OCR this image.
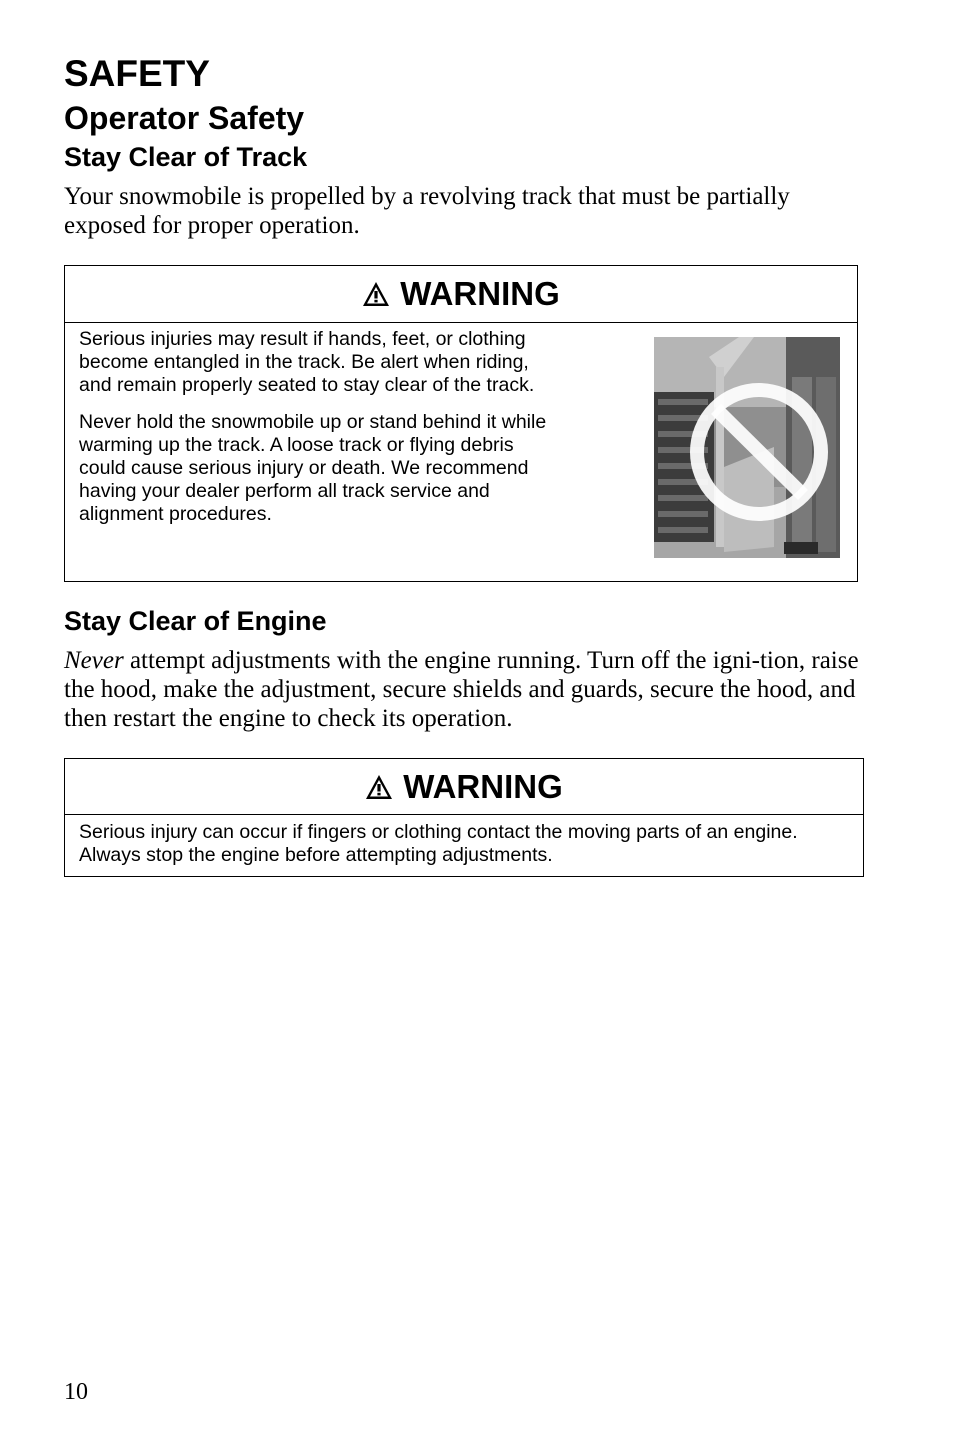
SAFETY
Operator Safety
Stay Clear of Track

Your snowmobile is propelled by a revolving track that must be partially exposed for proper operation.

WARNING

Serious injuries may result if hands, feet, or clothing become entangled in the track. Be alert when riding, and remain properly seated to stay clear of the track.

Never hold the snowmobile up or stand behind it while warming up the track. A loose track or flying debris could cause serious injury or death. We recommend having your dealer perform all track service and alignment procedures.

Stay Clear of Engine

Never attempt adjustments with the engine running. Turn off the igni-tion, raise the hood, make the adjustment, secure shields and guards, secure the hood, and then restart the engine to check its operation.

WARNING

Serious injury can occur if fingers or clothing contact the moving parts of an engine. Always stop the engine before attempting adjustments.

10
